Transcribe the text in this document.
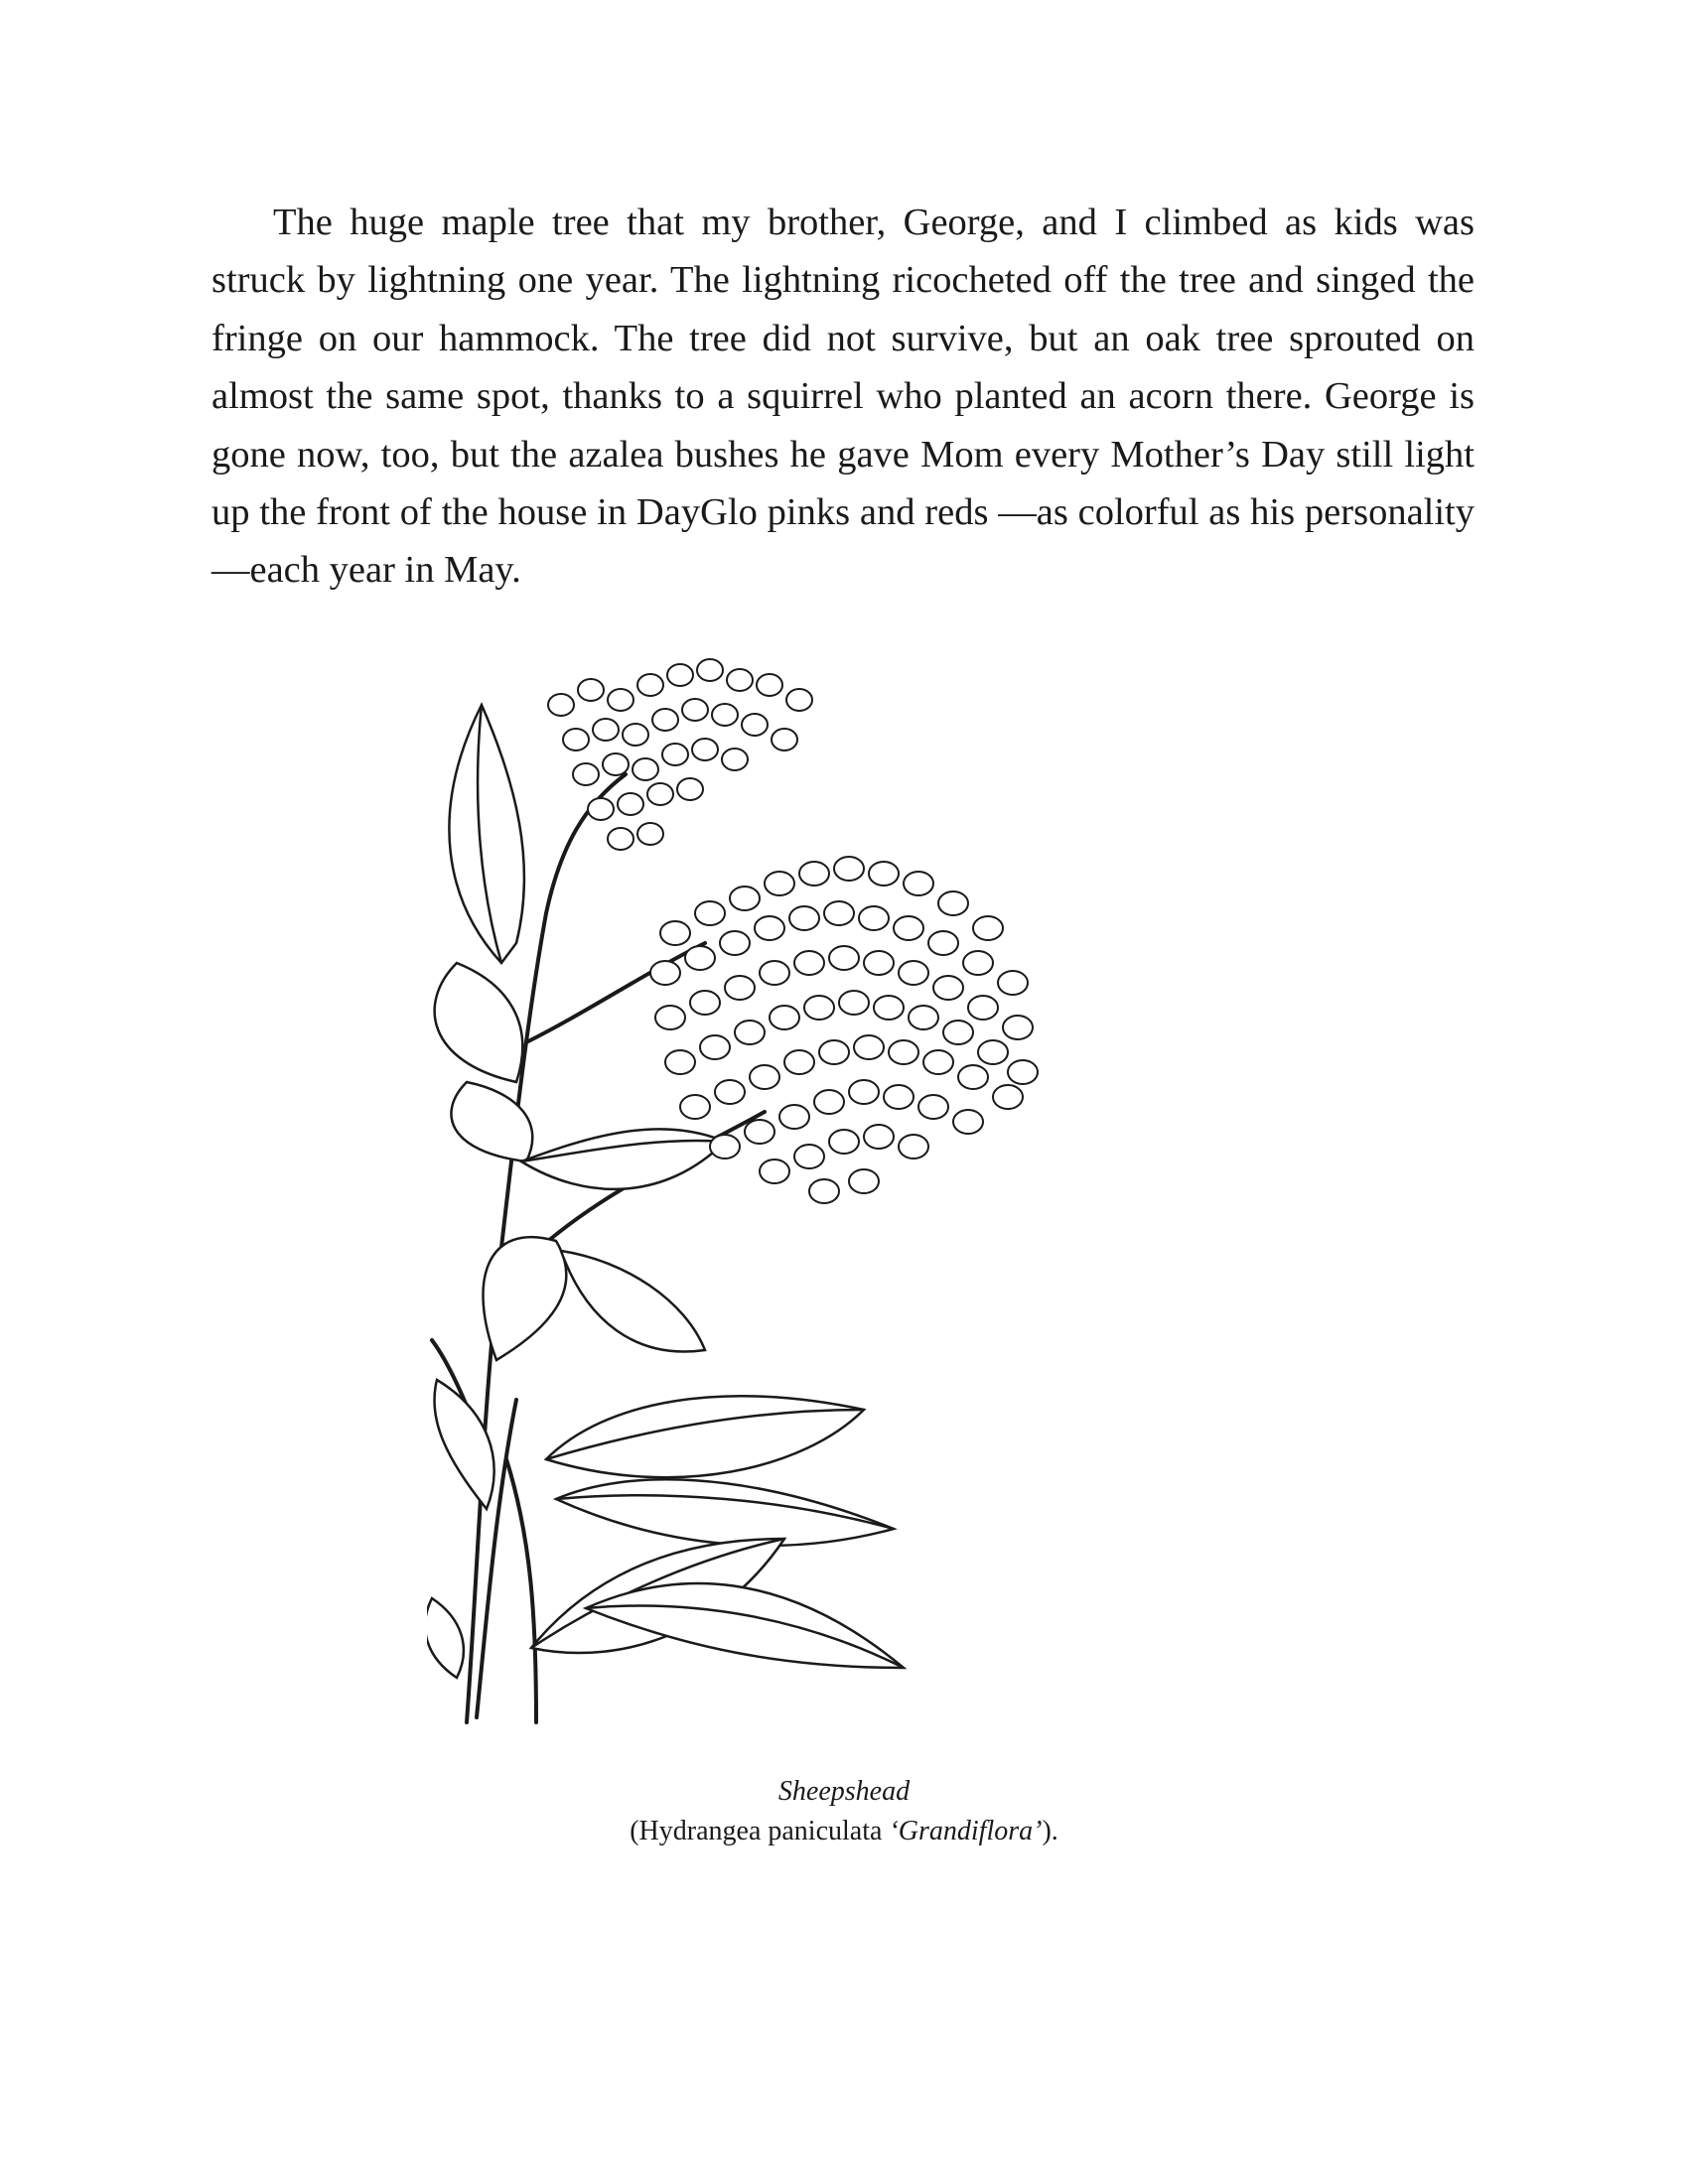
The huge maple tree that my brother, George, and I climbed as kids was struck by lightning one year. The lightning ricocheted off the tree and singed the fringe on our hammock. The tree did not survive, but an oak tree sprouted on almost the same spot, thanks to a squirrel who planted an acorn there. George is gone now, too, but the azalea bushes he gave Mom every Mother’s Day still light up the front of the house in DayGlo pinks and reds —as colorful as his personality—each year in May.

Sheepshead
(Hydrangea paniculata ‘Grandiflora’).
